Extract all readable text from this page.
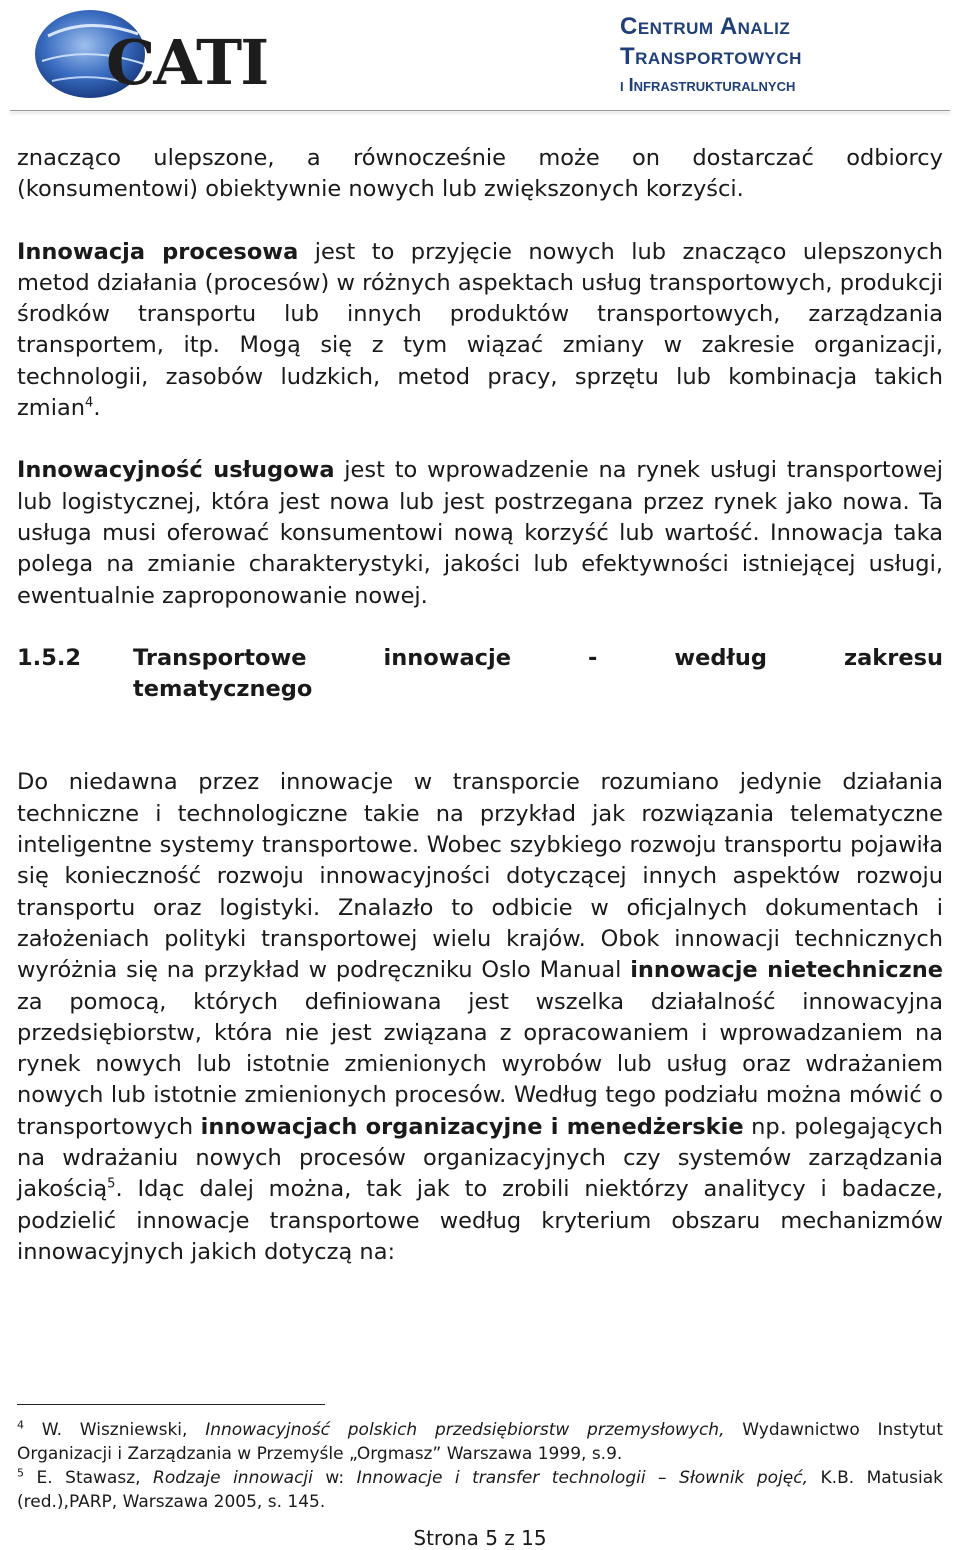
CATI	Centrum Analiz
Transportowych
i Infrastrukturalnych

znacząco ulepszone, a równocześnie może on dostarczać odbiorcy (konsumentowi) obiektywnie nowych lub zwiększonych korzyści.

Innowacja procesowa jest to przyjęcie nowych lub znacząco ulepszonych metod działania (procesów) w różnych aspektach usług transportowych, produkcji środków transportu lub innych produktów transportowych, zarządzania transportem, itp. Mogą się z tym wiązać zmiany w zakresie organizacji, technologii, zasobów ludzkich, metod pracy, sprzętu lub kombinacja takich zmian$^4$.

Innowacyjność usługowa jest to wprowadzenie na rynek usługi transportowej lub logistycznej, która jest nowa lub jest postrzegana przez rynek jako nowa. Ta usługa musi oferować konsumentowi nową korzyść lub wartość. Innowacja taka polega na zmianie charakterystyki, jakości lub efektywności istniejącej usługi, ewentualnie zaproponowanie nowej.

1.5.2	Transportowe	innowacje	-	według	zakresu
tematycznego

Do niedawna przez innowacje w transporcie rozumiano jedynie działania techniczne i technologiczne takie na przykład jak rozwiązania telematyczne inteligentne systemy transportowe. Wobec szybkiego rozwoju transportu pojawiła się konieczność rozwoju innowacyjności dotyczącej innych aspektów rozwoju transportu oraz logistyki. Znalazło to odbicie w oficjalnych dokumentach i założeniach polityki transportowej wielu krajów. Obok innowacji technicznych wyróżnia się na przykład w podręczniku Oslo Manual innowacje nietechniczne za pomocą, których definiowana jest wszelka działalność innowacyjna przedsiębiorstw, która nie jest związana z opracowaniem i wprowadzaniem na rynek nowych lub istotnie zmienionych wyrobów lub usług oraz wdrażaniem nowych lub istotnie zmienionych procesów. Według tego podziału można mówić o transportowych innowacjach organizacyjne i menedżerskie np. polegających na wdrażaniu nowych procesów organizacyjnych czy systemów zarządzania jakością$^5$. Idąc dalej można, tak jak to zrobili niektórzy analitycy i badacze, podzielić innowacje transportowe według kryterium obszaru mechanizmów innowacyjnych jakich dotyczą na:

$^4$ W. Wiszniewski, Innowacyjność polskich przedsiębiorstw przemysłowych, Wydawnictwo Instytut Organizacji i Zarządzania w Przemyśle „Orgmasz” Warszawa 1999, s.9.

$^5$ E. Stawasz, Rodzaje innowacji w: Innowacje i transfer technologii – Słownik pojęć, K.B. Matusiak (red.),PARP, Warszawa 2005, s. 145.

Strona 5 z 15
